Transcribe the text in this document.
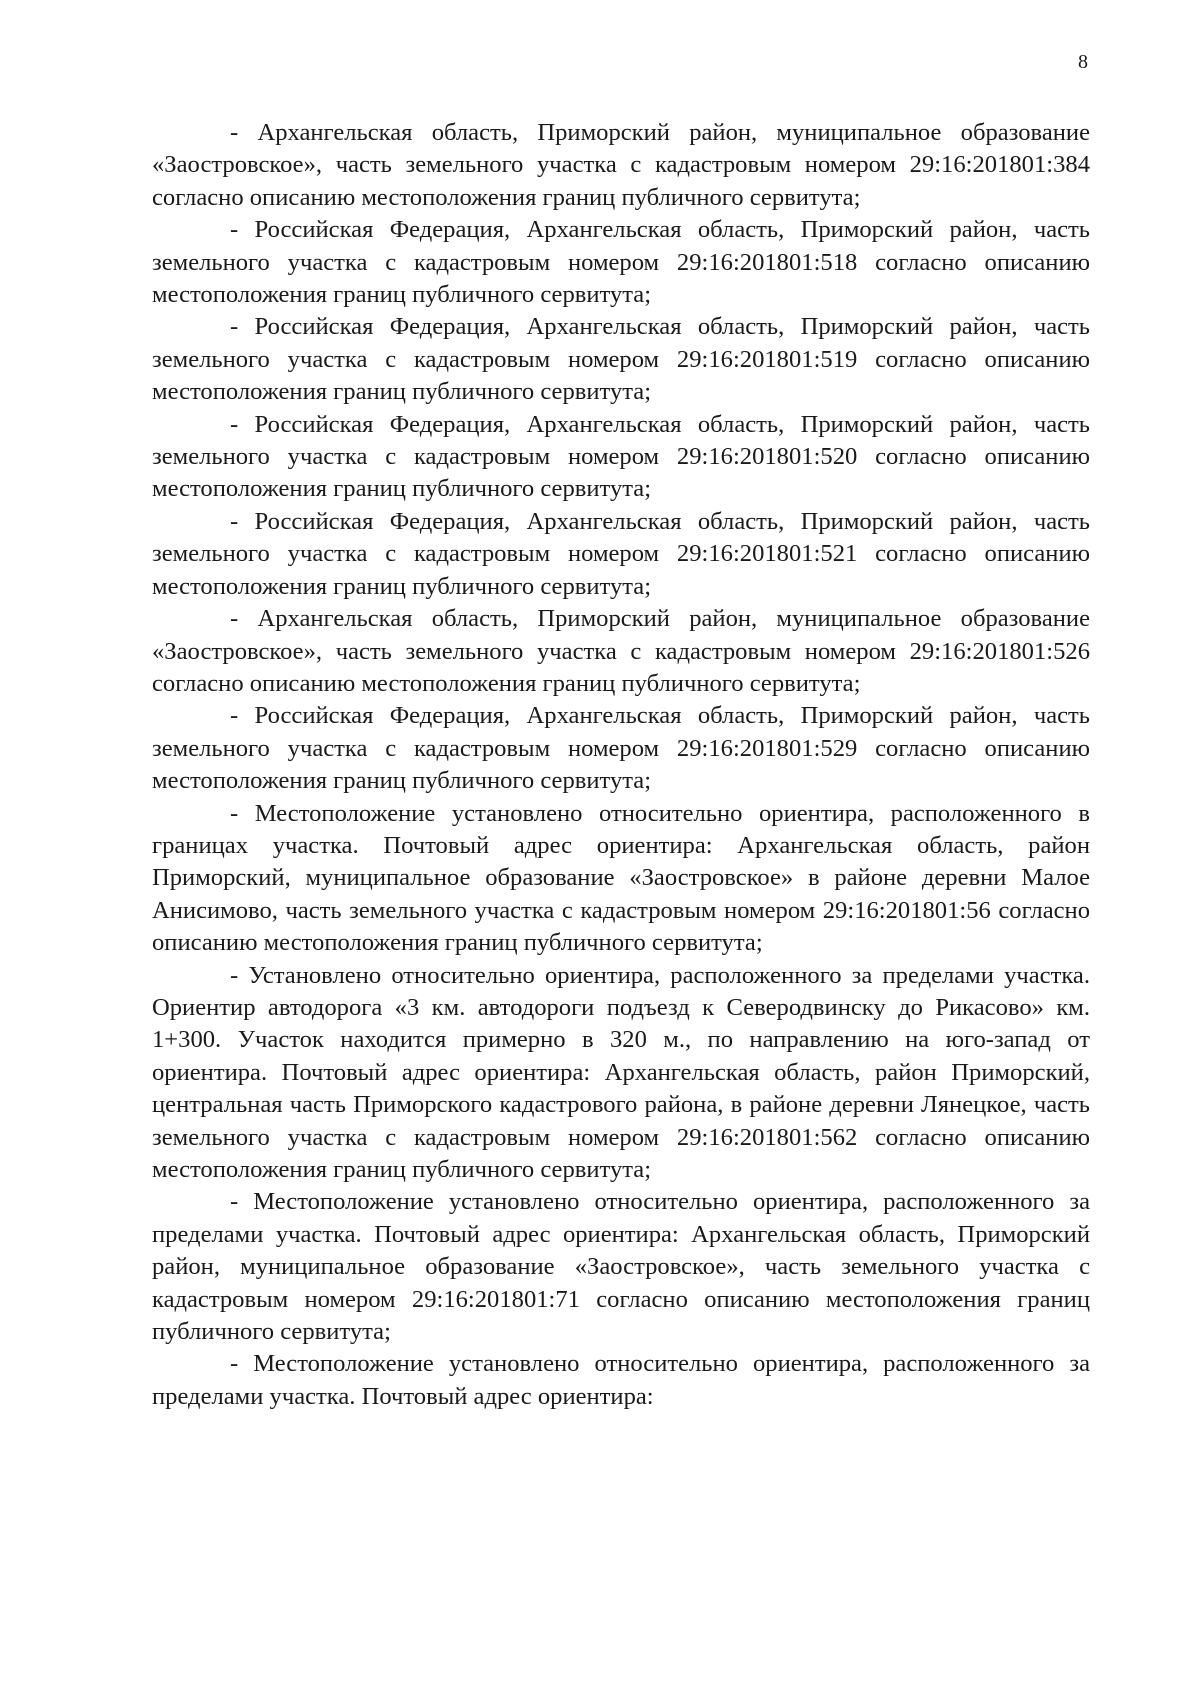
8

- Архангельская область, Приморский район, муниципальное образование «Заостровское», часть земельного участка с кадастровым номером 29:16:201801:384 согласно описанию местоположения границ публичного сервитута;

- Российская Федерация, Архангельская область, Приморский район, часть земельного участка с кадастровым номером 29:16:201801:518 согласно описанию местоположения границ публичного сервитута;

- Российская Федерация, Архангельская область, Приморский район, часть земельного участка с кадастровым номером 29:16:201801:519 согласно описанию местоположения границ публичного сервитута;

- Российская Федерация, Архангельская область, Приморский район, часть земельного участка с кадастровым номером 29:16:201801:520 согласно описанию местоположения границ публичного сервитута;

- Российская Федерация, Архангельская область, Приморский район, часть земельного участка с кадастровым номером 29:16:201801:521 согласно описанию местоположения границ публичного сервитута;

- Архангельская область, Приморский район, муниципальное образование «Заостровское», часть земельного участка с кадастровым номером 29:16:201801:526 согласно описанию местоположения границ публичного сервитута;

- Российская Федерация, Архангельская область, Приморский район, часть земельного участка с кадастровым номером 29:16:201801:529 согласно описанию местоположения границ публичного сервитута;

- Местоположение установлено относительно ориентира, расположенного в границах участка. Почтовый адрес ориентира: Архангельская область, район Приморский, муниципальное образование «Заостровское» в районе деревни Малое Анисимово, часть земельного участка с кадастровым номером 29:16:201801:56 согласно описанию местоположения границ публичного сервитута;

- Установлено относительно ориентира, расположенного за пределами участка. Ориентир автодорога «3 км. автодороги подъезд к Северодвинску до Рикасово» км. 1+300. Участок находится примерно в 320 м., по направлению на юго-запад от ориентира. Почтовый адрес ориентира: Архангельская область, район Приморский, центральная часть Приморского кадастрового района, в районе деревни Лянецкое, часть земельного участка с кадастровым номером 29:16:201801:562 согласно описанию местоположения границ публичного сервитута;

- Местоположение установлено относительно ориентира, расположенного за пределами участка. Почтовый адрес ориентира: Архангельская область, Приморский район, муниципальное образование «Заостровское», часть земельного участка с кадастровым номером 29:16:201801:71 согласно описанию местоположения границ публичного сервитута;

- Местоположение установлено относительно ориентира, расположенного за пределами участка. Почтовый адрес ориентира:
